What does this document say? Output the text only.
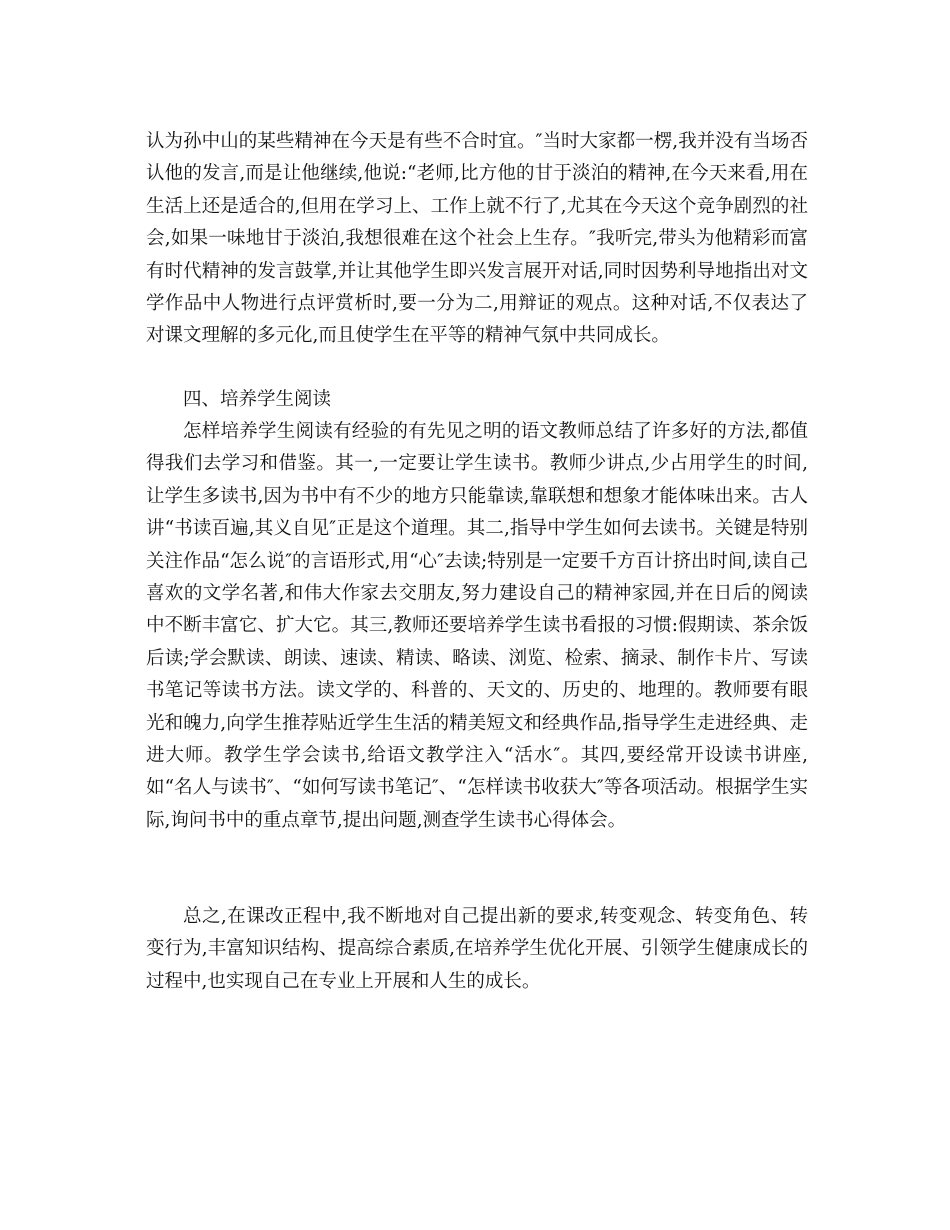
认为孙中山的某些精神在今天是有些不合时宜。″当时大家都一楞,我并没有当场否认他的发言,而是让他继续,他说:“老师,比方他的甘于淡泊的精神,在今天来看,用在生活上还是适合的,但用在学习上、工作上就不行了,尤其在今天这个竞争剧烈的社会,如果一味地甘于淡泊,我想很难在这个社会上生存。″我听完,带头为他精彩而富有时代精神的发言鼓掌,并让其他学生即兴发言展开对话,同时因势利导地指出对文学作品中人物进行点评赏析时,要一分为二,用辩证的观点。这种对话,不仅表达了对课文理解的多元化,而且使学生在平等的精神气氛中共同成长。

四、培养学生阅读

怎样培养学生阅读有经验的有先见之明的语文教师总结了许多好的方法,都值得我们去学习和借鉴。其一,一定要让学生读书。教师少讲点,少占用学生的时间,让学生多读书,因为书中有不少的地方只能靠读,靠联想和想象才能体味出来。古人讲“书读百遍,其义自见″正是这个道理。其二,指导中学生如何去读书。关键是特别关注作品“怎么说″的言语形式,用“心″去读;特别是一定要千方百计挤出时间,读自己喜欢的文学名著,和伟大作家去交朋友,努力建设自己的精神家园,并在日后的阅读中不断丰富它、扩大它。其三,教师还要培养学生读书看报的习惯:假期读、茶余饭后读;学会默读、朗读、速读、精读、略读、浏览、检索、摘录、制作卡片、写读书笔记等读书方法。读文学的、科普的、天文的、历史的、地理的。教师要有眼光和魄力,向学生推荐贴近学生生活的精美短文和经典作品,指导学生走进经典、走进大师。教学生学会读书,给语文教学注入“活水″。其四,要经常开设读书讲座,如“名人与读书″、“如何写读书笔记″、“怎样读书收获大″等各项活动。根据学生实际,询问书中的重点章节,提出问题,测查学生读书心得体会。

总之,在课改正程中,我不断地对自己提出新的要求,转变观念、转变角色、转变行为,丰富知识结构、提高综合素质,在培养学生优化开展、引领学生健康成长的过程中,也实现自己在专业上开展和人生的成长。
